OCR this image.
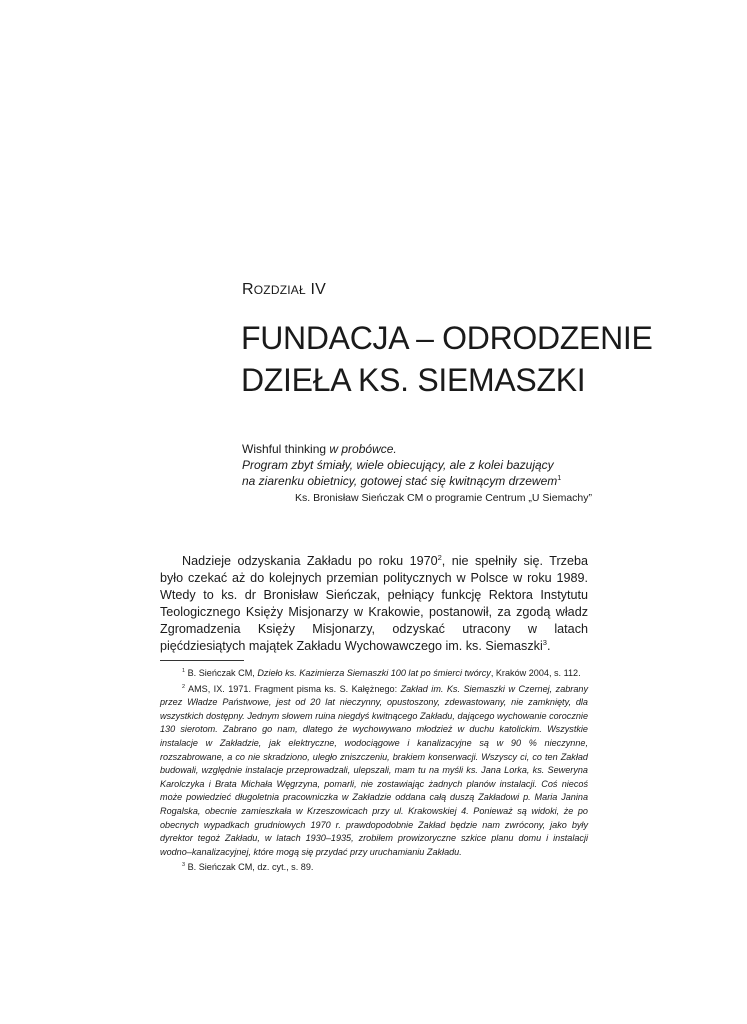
ROZDZIAŁ IV
FUNDACJA – ODRODZENIE
DZIEŁA KS. SIEMASZKI
Wishful thinking w probówce.
Program zbyt śmiały, wiele obiecujący, ale z kolei bazujący
na ziarenku obietnicy, gotowej stać się kwitnącym drzewem$^1$
Ks. Bronisław Sieńczak CM o programie Centrum „U Siemachy”

Nadzieje odzyskania Zakładu po roku 1970$^2$, nie spełniły się. Trzeba było czekać aż do kolejnych przemian politycznych w Polsce w roku 1989. Wtedy to ks. dr Bronisław Sieńczak, pełniący funkcję Rektora Instytutu Teologicznego Księży Misjonarzy w Krakowie, postanowił, za zgodą władz Zgromadzenia Księży Misjonarzy, odzyskać utracony w latach pięćdziesiątych majątek Zakładu Wychowawczego im. ks. Siemaszki$^3$.

$^1$ B. Sieńczak CM, Dzieło ks. Kazimierza Siemaszki 100 lat po śmierci twórcy, Kraków 2004, s. 112.

$^2$ AMS, IX. 1971. Fragment pisma ks. S. Kałężnego: Zakład im. Ks. Siemaszki w Czernej, zabrany przez Władze Państwowe, jest od 20 lat nieczynny, opustoszony, zdewastowany, nie zamknięty, dla wszystkich dostępny. Jednym słowem ruina niegdyś kwitnącego Zakładu, dającego wychowanie corocznie 130 sierotom. Zabrano go nam, dlatego że wychowywano młodzież w duchu katolickim. Wszystkie instalacje w Zakładzie, jak elektryczne, wodociągowe i kanalizacyjne są w 90 % nieczynne, rozszabrowane, a co nie skradziono, uległo zniszczeniu, brakiem konserwacji. Wszyscy ci, co ten Zakład budowali, względnie instalacje przeprowadzali, ulepszali, mam tu na myśli ks. Jana Lorka, ks. Seweryna Karolczyka i Brata Michała Węgrzyna, pomarli, nie zostawiając żadnych planów instalacji. Coś niecoś może powiedzieć długoletnia pracowniczka w Zakładzie oddana całą duszą Zakładowi p. Maria Janina Rogalska, obecnie zamieszkała w Krzeszowicach przy ul. Krakowskiej 4. Ponieważ są widoki, że po obecnych wypadkach grudniowych 1970 r. prawdopodobnie Zakład będzie nam zwrócony, jako były dyrektor tegoż Zakładu, w latach 1930–1935, zrobiłem prowizoryczne szkice planu domu i instalacji wodno–kanalizacyjnej, które mogą się przydać przy uruchamianiu Zakładu.

$^3$ B. Sieńczak CM, dz. cyt., s. 89.
